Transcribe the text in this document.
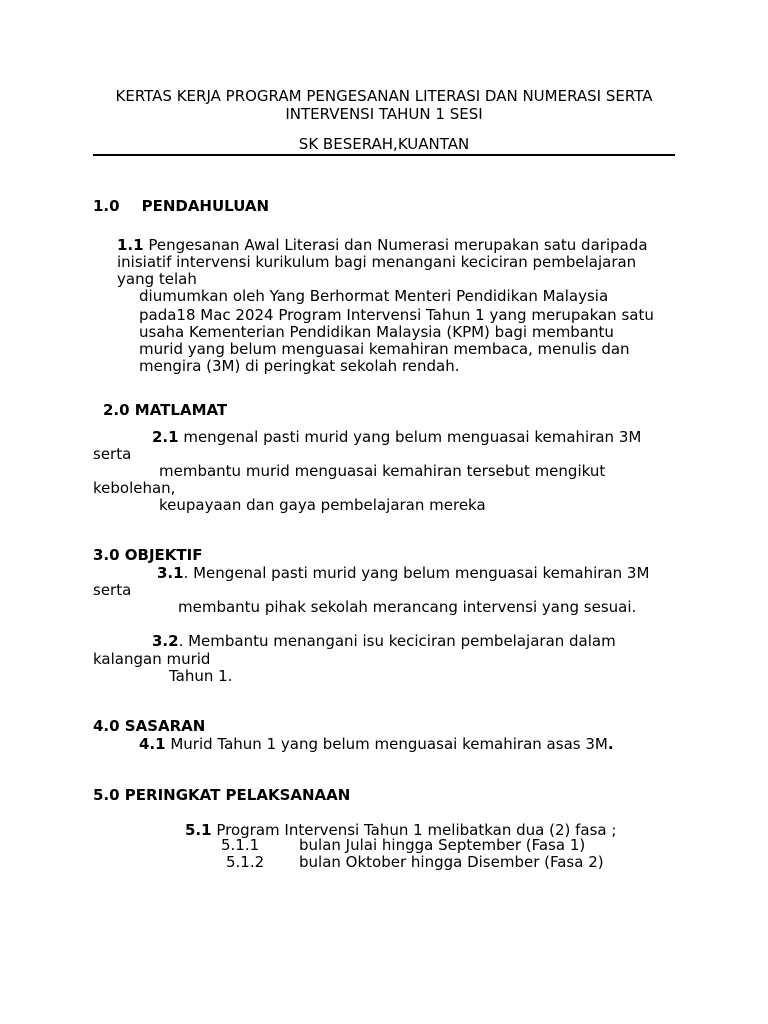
KERTAS KERJA PROGRAM PENGESANAN LITERASI DAN NUMERASI SERTA
INTERVENSI TAHUN 1 SESI
SK BESERAH,KUANTAN
1.0 PENDAHULUAN
1.1 Pengesanan Awal Literasi dan Numerasi merupakan satu daripada
inisiatif intervensi kurikulum bagi menangani keciciran pembelajaran
yang telah
diumumkan oleh Yang Berhormat Menteri Pendidikan Malaysia
pada18 Mac 2024 Program Intervensi Tahun 1 yang merupakan satu
usaha Kementerian Pendidikan Malaysia (KPM) bagi membantu
murid yang belum menguasai kemahiran membaca, menulis dan
mengira (3M) di peringkat sekolah rendah.
2.0 MATLAMAT
2.1 mengenal pasti murid yang belum menguasai kemahiran 3M
serta
membantu murid menguasai kemahiran tersebut mengikut
kebolehan,
keupayaan dan gaya pembelajaran mereka
3.0 OBJEKTIF
3.1. Mengenal pasti murid yang belum menguasai kemahiran 3M
serta
membantu pihak sekolah merancang intervensi yang sesuai.
3.2. Membantu menangani isu keciciran pembelajaran dalam
kalangan murid
Tahun 1.
4.0 SASARAN
4.1 Murid Tahun 1 yang belum menguasai kemahiran asas 3M.
5.0 PERINGKAT PELAKSANAAN
5.1 Program Intervensi Tahun 1 melibatkan dua (2) fasa ;
5.1.1	bulan Julai hingga September (Fasa 1)
5.1.2 bulan Oktober hingga Disember (Fasa 2)
